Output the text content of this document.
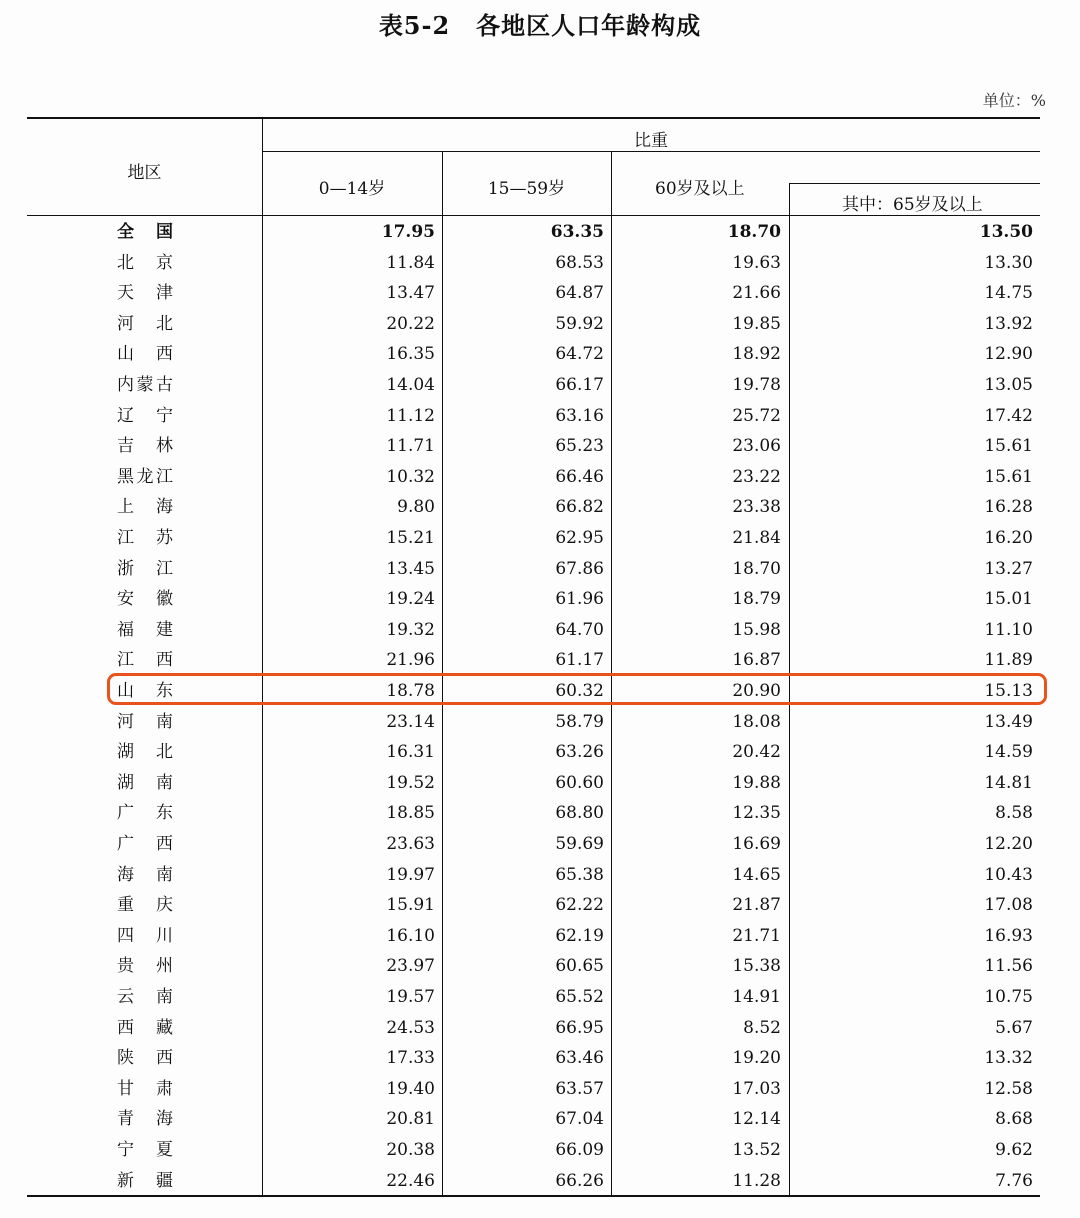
表5-2 各地区人口年龄构成
单位：%
地区
比重
0—14岁	15—59岁	60岁及以上
其中：65岁及以上
全　国	17.95	63.35	18.70	13.50
北　京	11.84	68.53	19.63	13.30
天　津	13.47	64.87	21.66	14.75
河　北	20.22	59.92	19.85	13.92
山　西	16.35	64.72	18.92	12.90
内蒙古	14.04	66.17	19.78	13.05
辽　宁	11.12	63.16	25.72	17.42
吉　林	11.71	65.23	23.06	15.61
黑龙江	10.32	66.46	23.22	15.61
上　海	9.80	66.82	23.38	16.28
江　苏	15.21	62.95	21.84	16.20
浙　江	13.45	67.86	18.70	13.27
安　徽	19.24	61.96	18.79	15.01
福　建	19.32	64.70	15.98	11.10
江　西	21.96	61.17	16.87	11.89
山　东	18.78	60.32	20.90	15.13
河　南	23.14	58.79	18.08	13.49
湖　北	16.31	63.26	20.42	14.59
湖　南	19.52	60.60	19.88	14.81
广　东	18.85	68.80	12.35	8.58
广　西	23.63	59.69	16.69	12.20
海　南	19.97	65.38	14.65	10.43
重　庆	15.91	62.22	21.87	17.08
四　川	16.10	62.19	21.71	16.93
贵　州	23.97	60.65	15.38	11.56
云　南	19.57	65.52	14.91	10.75
西　藏	24.53	66.95	8.52	5.67
陕　西	17.33	63.46	19.20	13.32
甘　肃	19.40	63.57	17.03	12.58
青　海	20.81	67.04	12.14	8.68
宁　夏	20.38	66.09	13.52	9.62
新　疆	22.46	66.26	11.28	7.76
